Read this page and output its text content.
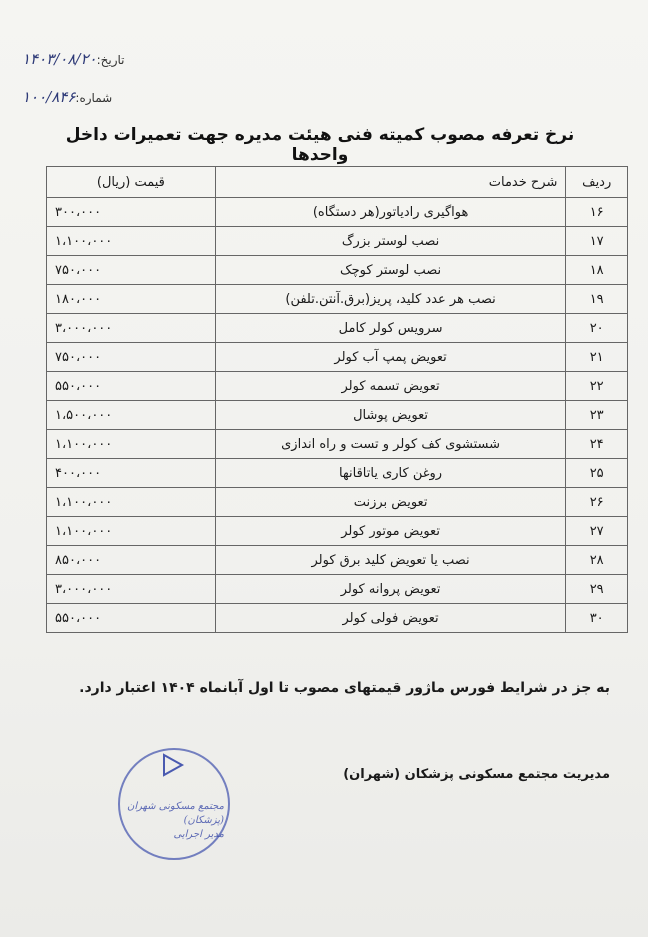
تاریخ:۱۴۰۳/۰۸/۲۰
شماره:۱۰۰/۸۴۶
نرخ تعرفه مصوب کمیته فنی هیئت مدیره جهت تعمیرات داخل واحدها
ردیف	شرح خدمات	قیمت (ریال)
۱۶	هواگیری رادیاتور(هر دستگاه)	۳۰۰،۰۰۰
۱۷	نصب لوستر بزرگ	۱،۱۰۰،۰۰۰
۱۸	نصب لوستر کوچک	۷۵۰،۰۰۰
۱۹	نصب هر عدد کلید، پریز(برق.آنتن.تلفن)	۱۸۰،۰۰۰
۲۰	سرویس کولر کامل	۳،۰۰۰،۰۰۰
۲۱	تعویض پمپ آب کولر	۷۵۰،۰۰۰
۲۲	تعویض تسمه کولر	۵۵۰،۰۰۰
۲۳	تعویض پوشال	۱،۵۰۰،۰۰۰
۲۴	شستشوی کف کولر و تست و راه اندازی	۱،۱۰۰،۰۰۰
۲۵	روغن کاری یاتاقانها	۴۰۰،۰۰۰
۲۶	تعویض برزنت	۱،۱۰۰،۰۰۰
۲۷	تعویض موتور کولر	۱،۱۰۰،۰۰۰
۲۸	نصب یا تعویض کلید برق کولر	۸۵۰،۰۰۰
۲۹	تعویض پروانه کولر	۳،۰۰۰،۰۰۰
۳۰	تعویض فولی کولر	۵۵۰،۰۰۰
به جز در شرایط فورس ماژور قیمتهای مصوب تا اول آبانماه ۱۴۰۴ اعتبار دارد.
مدیریت مجتمع مسکونی پزشکان (شهران)
مجتمع مسکونی شهران (پزشکان)
مدیر اجرایی
